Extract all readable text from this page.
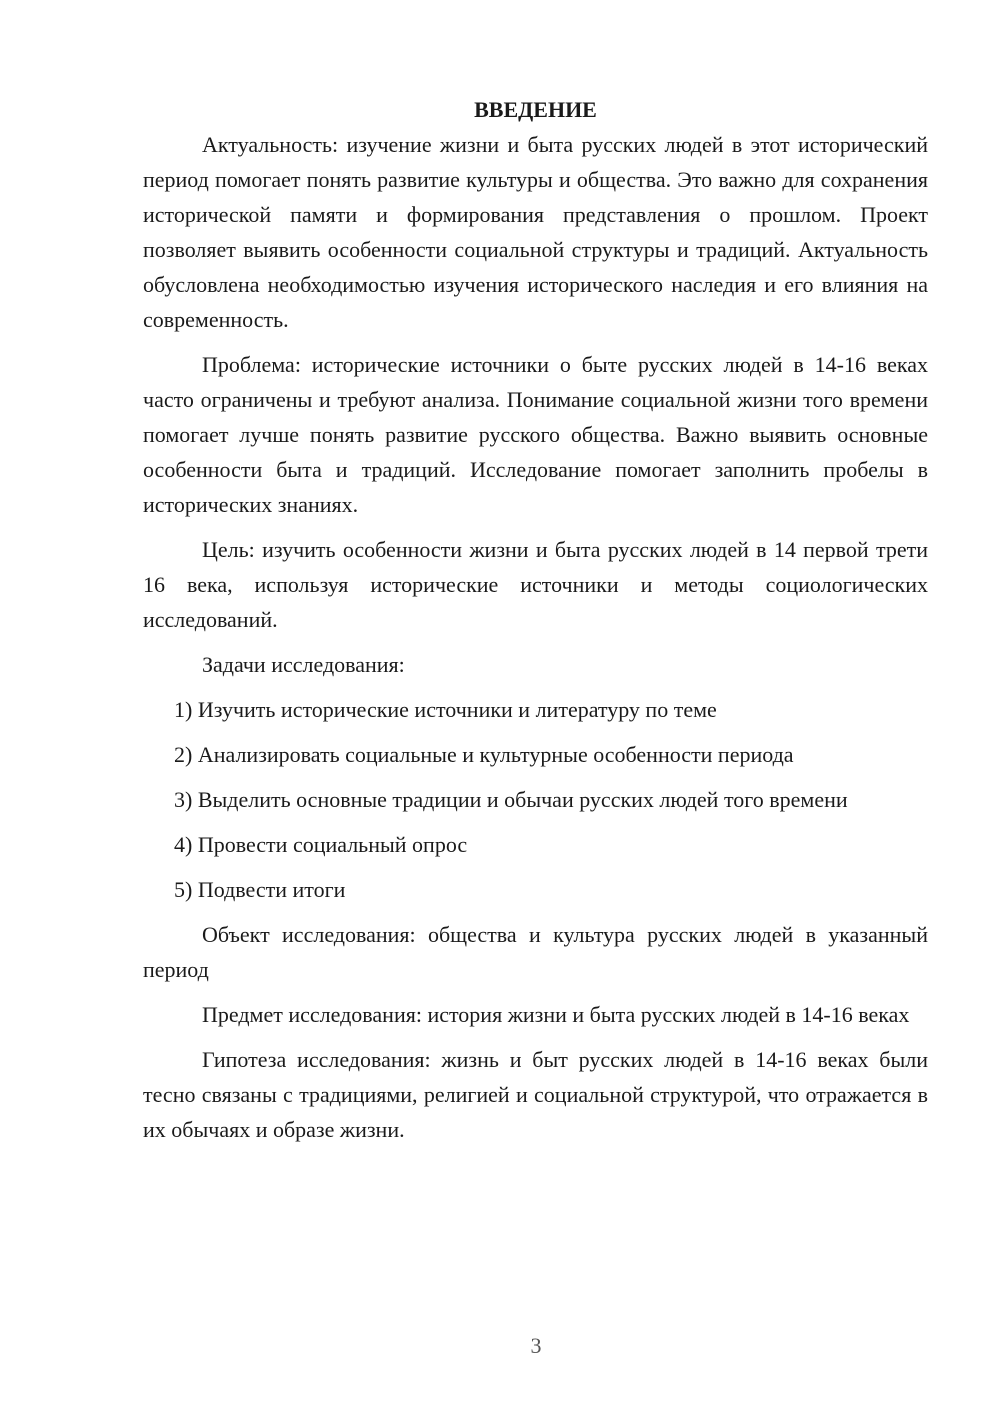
ВВЕДЕНИЕ

Актуальность: изучение жизни и быта русских людей в этот исторический период помогает понять развитие культуры и общества. Это важно для сохранения исторической памяти и формирования представления о прошлом. Проект позволяет выявить особенности социальной структуры и традиций. Актуальность обусловлена необходимостью изучения исторического наследия и его влияния на современность.

Проблема: исторические источники о быте русских людей в 14-16 веках часто ограничены и требуют анализа. Понимание социальной жизни того времени помогает лучше понять развитие русского общества. Важно выявить основные особенности быта и традиций. Исследование помогает заполнить пробелы в исторических знаниях.

Цель: изучить особенности жизни и быта русских людей в 14 первой трети 16 века, используя исторические источники и методы социологических исследований.

Задачи исследования:

1) Изучить исторические источники и литературу по теме

2) Анализировать социальные и культурные особенности периода

3) Выделить основные традиции и обычаи русских людей того времени

4) Провести социальный опрос

5) Подвести итоги

Объект исследования: общества и культура русских людей в указанный период

Предмет исследования: история жизни и быта русских людей в 14-16 веках

Гипотеза исследования: жизнь и быт русских людей в 14-16 веках были тесно связаны с традициями, религией и социальной структурой, что отражается в их обычаях и образе жизни.

3
